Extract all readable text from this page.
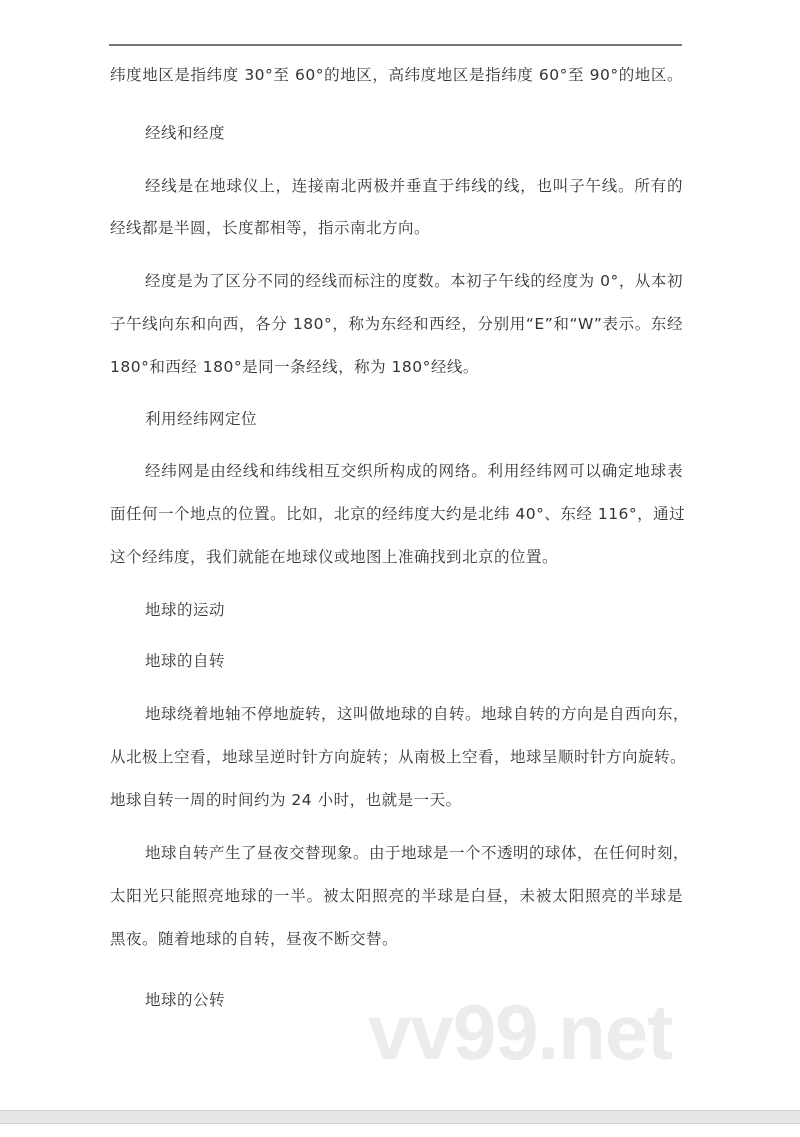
纬度地区是指纬度 30°至 60°的地区，高纬度地区是指纬度 60°至 90°的地区。
经线和经度
经线是在地球仪上，连接南北两极并垂直于纬线的线，也叫子午线。所有的
经线都是半圆，长度都相等，指示南北方向。
经度是为了区分不同的经线而标注的度数。本初子午线的经度为 0°，从本初
子午线向东和向西，各分 180°，称为东经和西经，分别用“E”和“W”表示。东经
180°和西经 180°是同一条经线，称为 180°经线。
利用经纬网定位
经纬网是由经线和纬线相互交织所构成的网络。利用经纬网可以确定地球表
面任何一个地点的位置。比如，北京的经纬度大约是北纬 40°、东经 116°，通过
这个经纬度，我们就能在地球仪或地图上准确找到北京的位置。
地球的运动
地球的自转
地球绕着地轴不停地旋转，这叫做地球的自转。地球自转的方向是自西向东，
从北极上空看，地球呈逆时针方向旋转；从南极上空看，地球呈顺时针方向旋转。
地球自转一周的时间约为 24 小时，也就是一天。
地球自转产生了昼夜交替现象。由于地球是一个不透明的球体，在任何时刻，
太阳光只能照亮地球的一半。被太阳照亮的半球是白昼，未被太阳照亮的半球是
黑夜。随着地球的自转，昼夜不断交替。
地球的公转 vv99.net
